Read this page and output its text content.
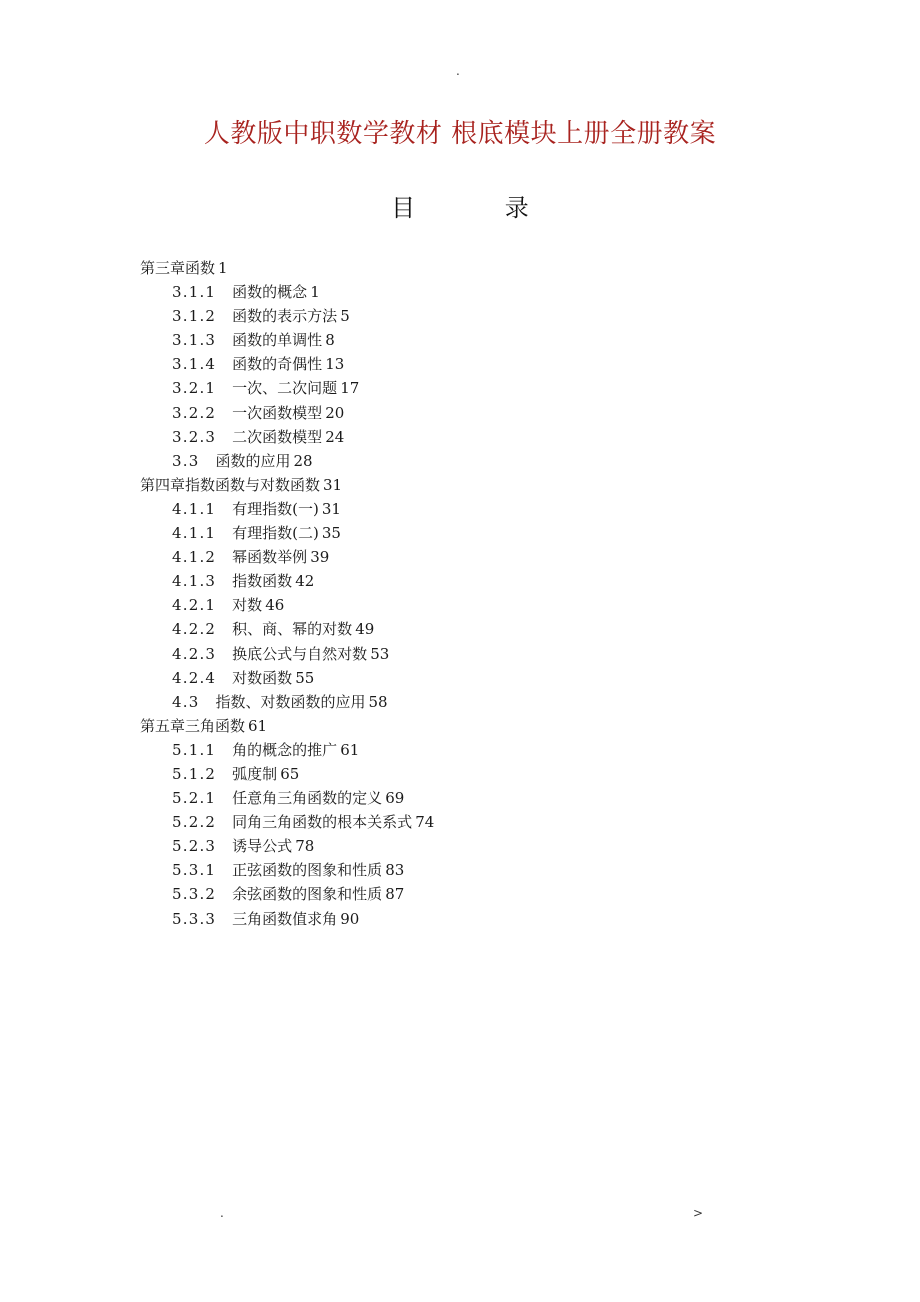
.
人教版中职数学教材 根底模块上册全册教案
目 录
第三章函数 1
3.1.1 函数的概念 1
3.1.2 函数的表示方法 5
3.1.3 函数的单调性 8
3.1.4 函数的奇偶性 13
3.2.1 一次、二次问题 17
3.2.2 一次函数模型 20
3.2.3 二次函数模型 24
3.3 函数的应用 28
第四章指数函数与对数函数 31
4.1.1 有理指数(一) 31
4.1.1 有理指数(二) 35
4.1.2 幂函数举例 39
4.1.3 指数函数 42
4.2.1 对数 46
4.2.2 积、商、幂的对数 49
4.2.3 换底公式与自然对数 53
4.2.4 对数函数 55
4.3 指数、对数函数的应用 58
第五章三角函数 61
5.1.1 角的概念的推广 61
5.1.2 弧度制 65
5.2.1 任意角三角函数的定义 69
5.2.2 同角三角函数的根本关系式 74
5.2.3 诱导公式 78
5.3.1 正弦函数的图象和性质 83
5.3.2 余弦函数的图象和性质 87
5.3.3 三角函数值求角 90
.	>
